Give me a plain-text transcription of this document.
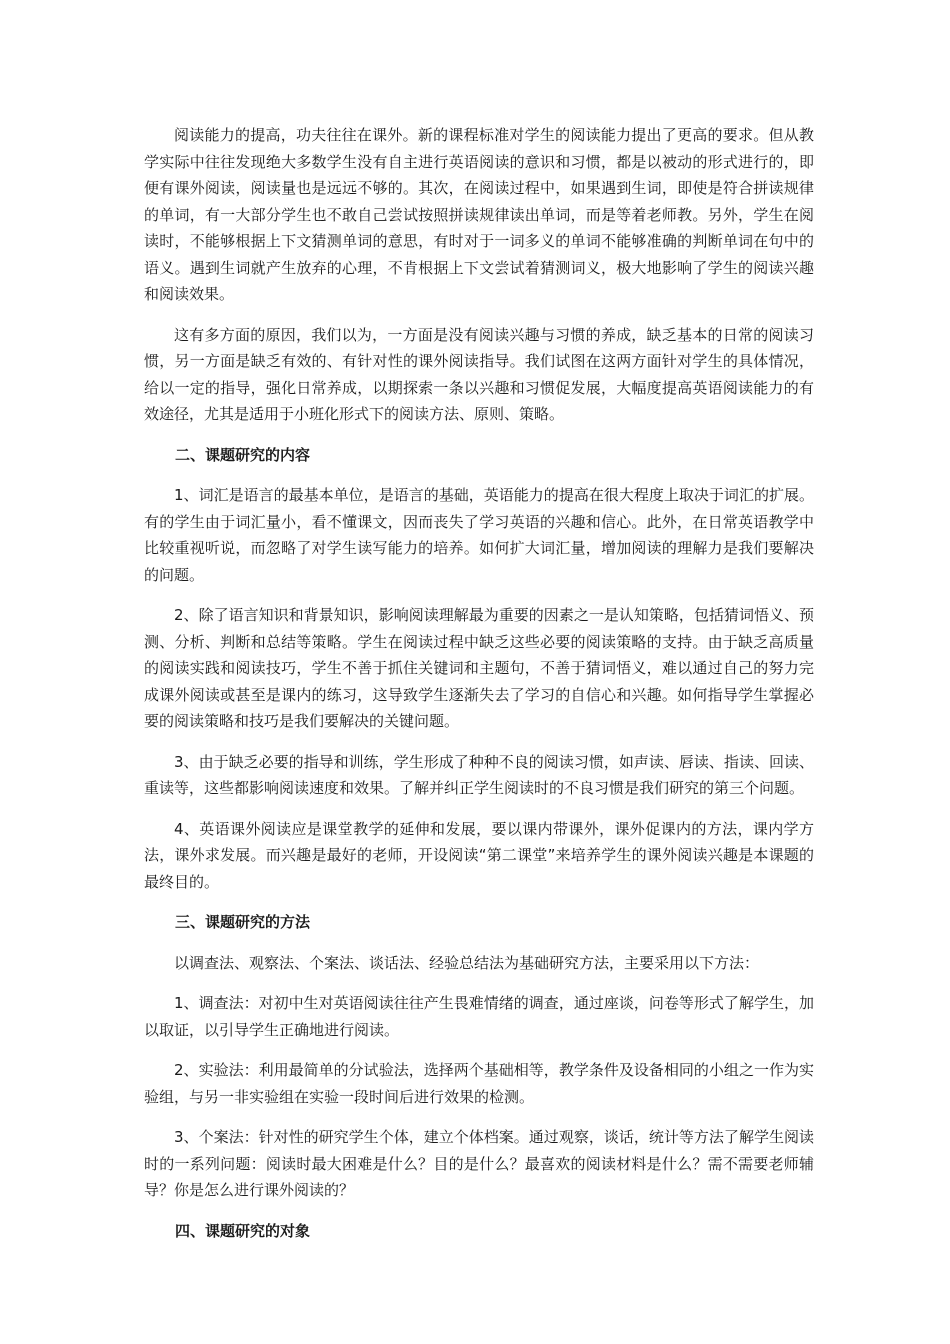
阅读能力的提高，功夫往往在课外。新的课程标准对学生的阅读能力提出了更高的要求。但从教学实际中往往发现绝大多数学生没有自主进行英语阅读的意识和习惯，都是以被动的形式进行的，即便有课外阅读，阅读量也是远远不够的。其次，在阅读过程中，如果遇到生词，即使是符合拼读规律的单词，有一大部分学生也不敢自己尝试按照拼读规律读出单词，而是等着老师教。另外，学生在阅读时，不能够根据上下文猜测单词的意思，有时对于一词多义的单词不能够准确的判断单词在句中的语义。遇到生词就产生放弃的心理，不肯根据上下文尝试着猜测词义，极大地影响了学生的阅读兴趣和阅读效果。

这有多方面的原因，我们以为，一方面是没有阅读兴趣与习惯的养成，缺乏基本的日常的阅读习惯，另一方面是缺乏有效的、有针对性的课外阅读指导。我们试图在这两方面针对学生的具体情况，给以一定的指导，强化日常养成，以期探索一条以兴趣和习惯促发展，大幅度提高英语阅读能力的有效途径，尤其是适用于小班化形式下的阅读方法、原则、策略。

二、课题研究的内容

1、词汇是语言的最基本单位，是语言的基础，英语能力的提高在很大程度上取决于词汇的扩展。有的学生由于词汇量小，看不懂课文，因而丧失了学习英语的兴趣和信心。此外，在日常英语教学中比较重视听说，而忽略了对学生读写能力的培养。如何扩大词汇量，增加阅读的理解力是我们要解决的问题。

2、除了语言知识和背景知识，影响阅读理解最为重要的因素之一是认知策略，包括猜词悟义、预测、分析、判断和总结等策略。学生在阅读过程中缺乏这些必要的阅读策略的支持。由于缺乏高质量的阅读实践和阅读技巧，学生不善于抓住关键词和主题句，不善于猜词悟义，难以通过自己的努力完成课外阅读或甚至是课内的练习，这导致学生逐渐失去了学习的自信心和兴趣。如何指导学生掌握必要的阅读策略和技巧是我们要解决的关键问题。

3、由于缺乏必要的指导和训练，学生形成了种种不良的阅读习惯，如声读、唇读、指读、回读、重读等，这些都影响阅读速度和效果。了解并纠正学生阅读时的不良习惯是我们研究的第三个问题。

4、英语课外阅读应是课堂教学的延伸和发展，要以课内带课外，课外促课内的方法，课内学方法，课外求发展。而兴趣是最好的老师，开设阅读“第二课堂”来培养学生的课外阅读兴趣是本课题的最终目的。

三、课题研究的方法

以调查法、观察法、个案法、谈话法、经验总结法为基础研究方法，主要采用以下方法：

1、调查法：对初中生对英语阅读往往产生畏难情绪的调查，通过座谈，问卷等形式了解学生，加以取证，以引导学生正确地进行阅读。

2、实验法：利用最简单的分试验法，选择两个基础相等，教学条件及设备相同的小组之一作为实验组，与另一非实验组在实验一段时间后进行效果的检测。

3、个案法：针对性的研究学生个体，建立个体档案。通过观察，谈话，统计等方法了解学生阅读时的一系列问题：阅读时最大困难是什么？目的是什么？最喜欢的阅读材料是什么？需不需要老师辅导？你是怎么进行课外阅读的？

四、课题研究的对象
